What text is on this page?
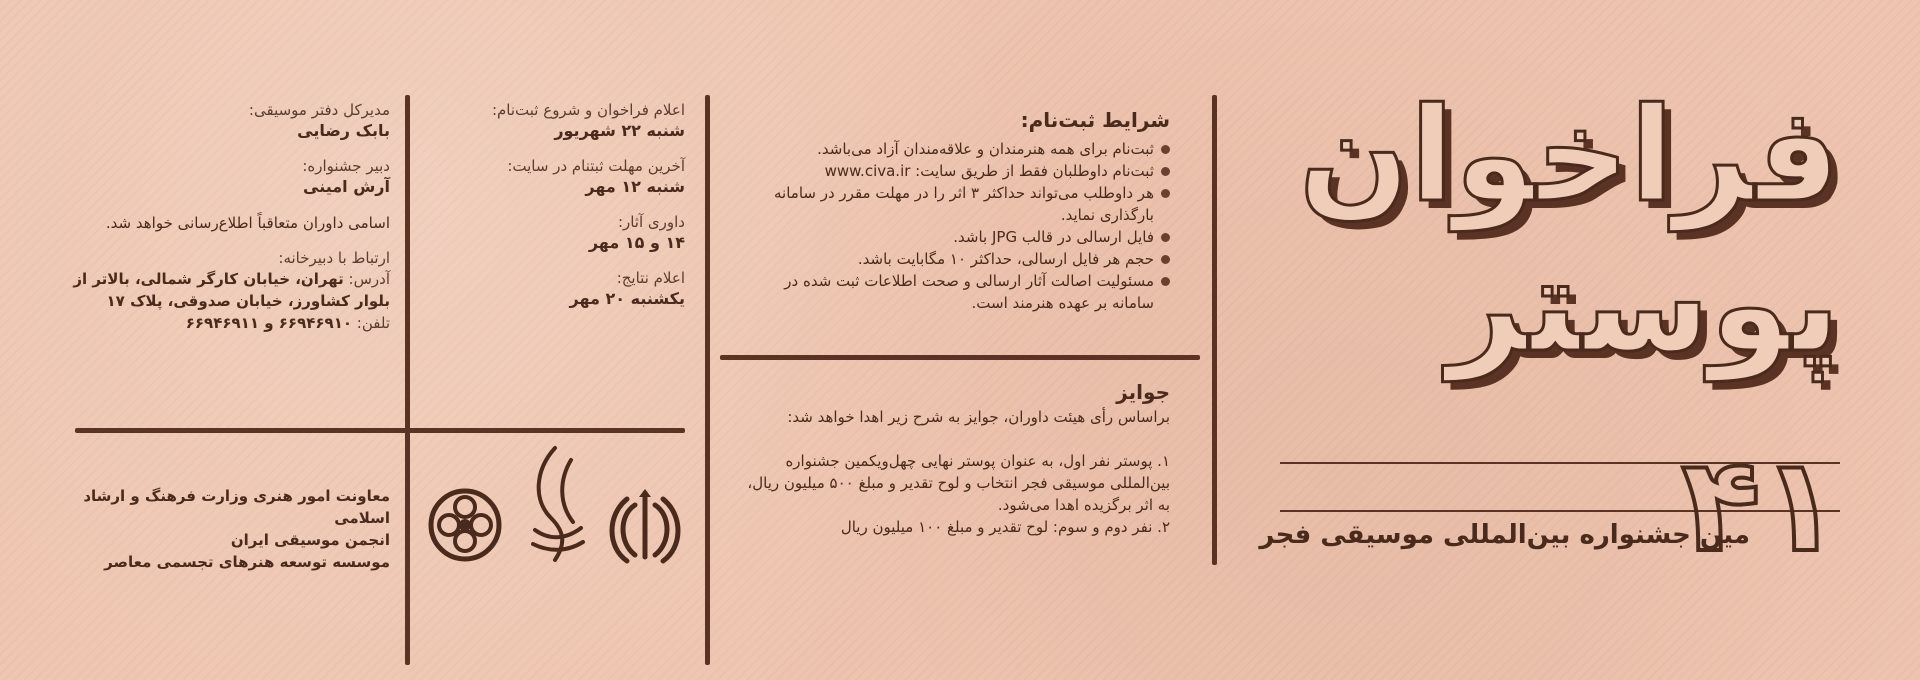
فراخوان
پوستر
۴۱
مین جشنواره بین‌المللی موسیقی فجر
شرایط ثبت‌نام:
ثبت‌نام برای همه هنرمندان و علاقه‌مندان آزاد می‌باشد.
ثبت‌نام داوطلبان فقط از طریق سایت: www.civa.ir
هر داوطلب می‌تواند حداکثر ۳ اثر را در مهلت مقرر در سامانه بارگذاری نماید.
فایل ارسالی در قالب JPG باشد.
حجم هر فایل ارسالی، حداکثر ۱۰ مگابایت باشد.
مسئولیت اصالت آثار ارسالی و صحت اطلاعات ثبت شده در سامانه بر عهده هنرمند است.
جوایز
براساس رأی هیئت داوران، جوایز به شرح زیر اهدا خواهد شد:
۱. پوستر نفر اول، به عنوان پوستر نهایی چهل‌ویکمین جشنواره بین‌المللی موسیقی فجر انتخاب و لوح تقدیر و مبلغ ۵۰۰ میلیون ریال، به اثر برگزیده اهدا می‌شود.
۲. نفر دوم و سوم: لوح تقدیر و مبلغ ۱۰۰ میلیون ریال
اعلام فراخوان و شروع ثبت‌نام:
شنبه ۲۲ شهریور
آخرین مهلت ثبتنام در سایت:
شنبه ۱۲ مهر
داوری آثار:
۱۴ و ۱۵ مهر
اعلام نتایج:
یکشنبه ۲۰ مهر
مدیرکل دفتر موسیقی:
بابک رضایی
دبیر جشنواره:
آرش امینی
اسامی داوران متعاقباً اطلاع‌رسانی خواهد شد.
ارتباط با دبیرخانه:
آدرس: تهران، خیابان کارگر شمالی، بالاتر از بلوار کشاورز، خیابان صدوقی، پلاک ۱۷
تلفن: ۶۶۹۴۶۹۱۰ و ۶۶۹۴۶۹۱۱
معاونت امور هنری وزارت فرهنگ و ارشاد اسلامی
انجمن موسیقی ایران
موسسه توسعه هنرهای تجسمی معاصر
